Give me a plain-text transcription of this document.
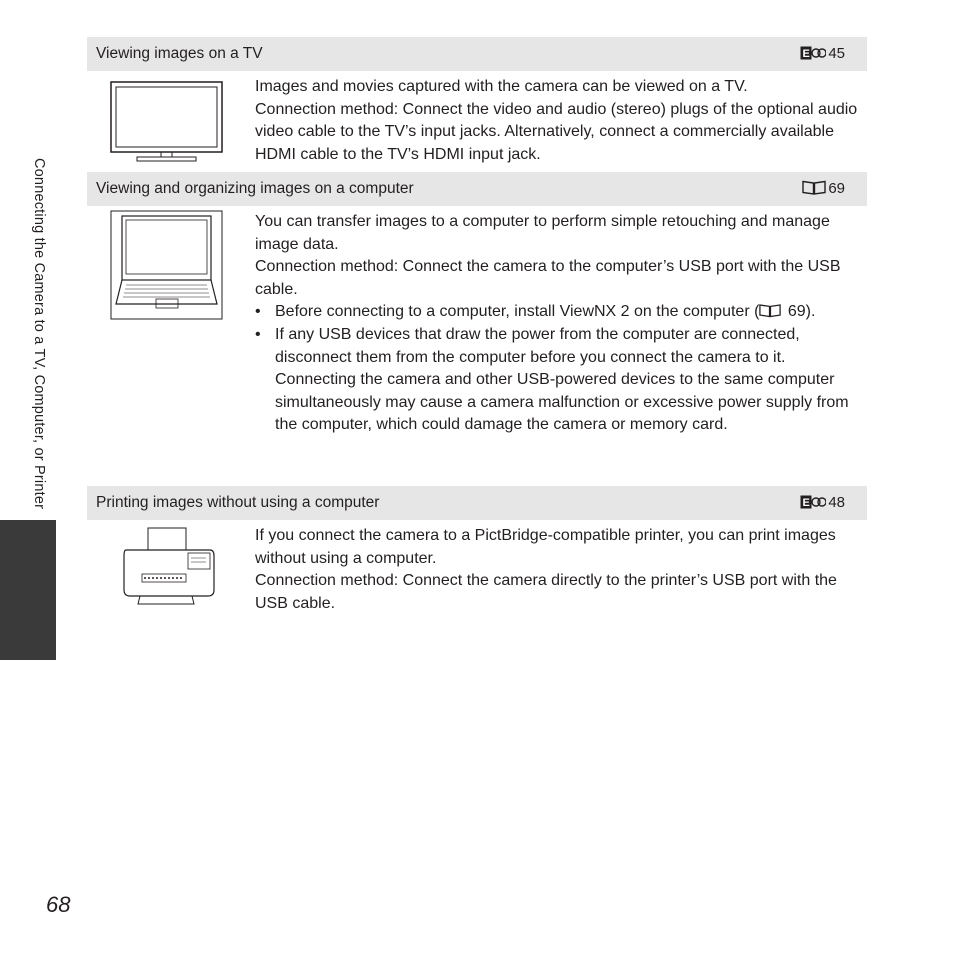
Connecting the Camera to a TV, Computer, or Printer
Viewing images on a TV	E 45

Images and movies captured with the camera can be viewed on a TV.

Connection method: Connect the video and audio (stereo) plugs of the optional audio video cable to the TV’s input jacks. Alternatively, connect a commercially available HDMI cable to the TV’s HDMI input jack.

Viewing and organizing images on a computer	69

You can transfer images to a computer to perform simple retouching and manage image data.

Connection method: Connect the camera to the computer’s USB port with the USB cable.

• Before connecting to a computer, install ViewNX 2 on the computer ( 69).
• If any USB devices that draw the power from the computer are connected, disconnect them from the computer before you connect the camera to it. Connecting the camera and other USB-powered devices to the same computer simultaneously may cause a camera malfunction or excessive power supply from the computer, which could damage the camera or memory card.
Printing images without using a computer	E 48

If you connect the camera to a PictBridge-compatible printer, you can print images without using a computer.

Connection method: Connect the camera directly to the printer’s USB port with the USB cable.

68
